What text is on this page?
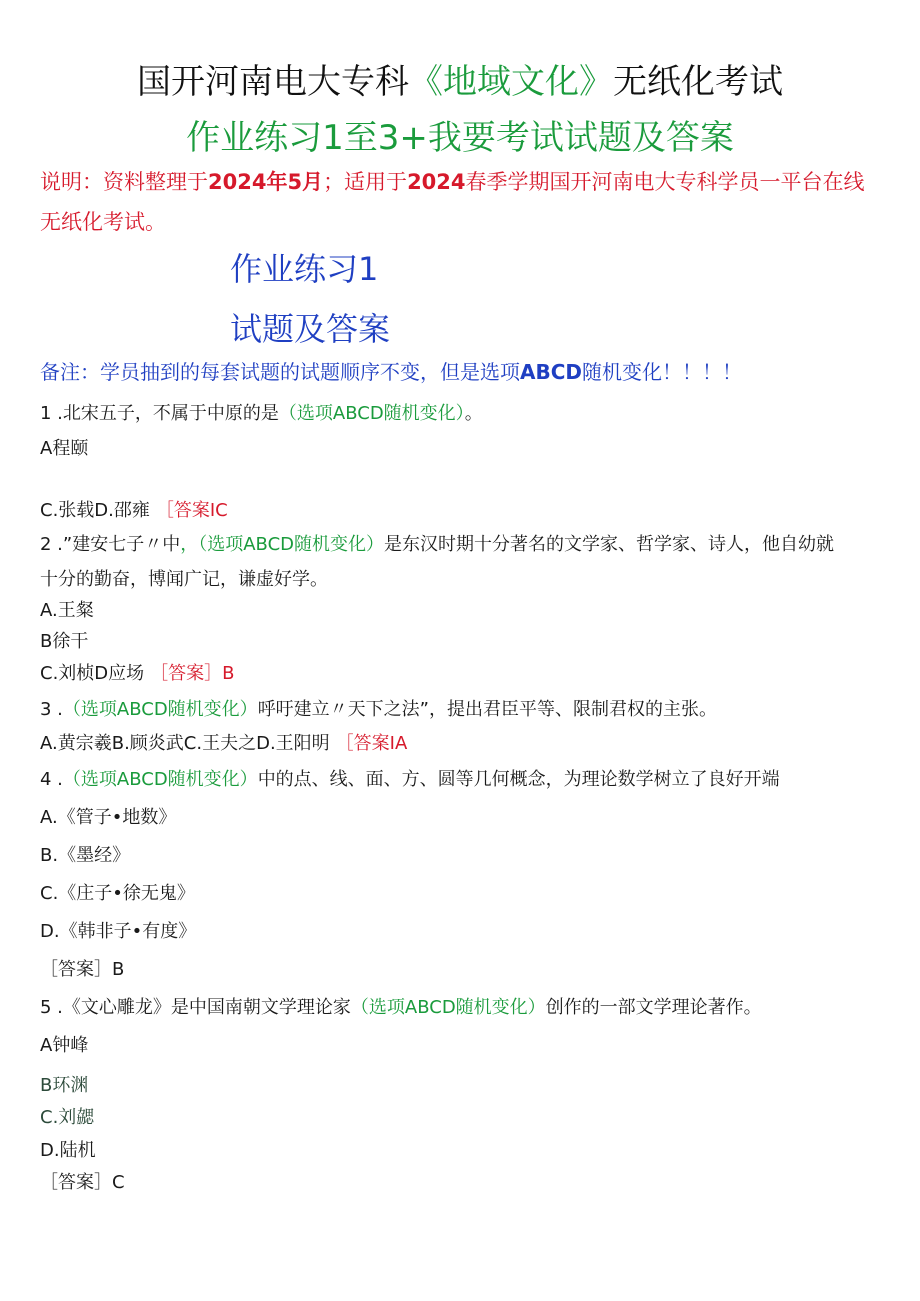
国开河南电大专科《地域文化》无纸化考试
作业练习1至3+我要考试试题及答案
说明：资料整理于2024年5月；适用于2024春季学期国开河南电大专科学员一平台在线
无纸化考试。
作业练习1
试题及答案
备注：学员抽到的每套试题的试题顺序不变，但是选项ABCD随机变化！！！！
1 .北宋五子，不属于中原的是（选项ABCD随机变化）。
A程颐
C.张载D.邵雍 ［答案IC
2 .”建安七子〃中，（选项ABCD随机变化）是东汉时期十分著名的文学家、哲学家、诗人，他自幼就
十分的勤奋，博闻广记，谦虚好学。
A.王粲
B徐干
C.刘桢D应场 ［答案］B
3 .（选项ABCD随机变化）呼吁建立〃天下之法”，提出君臣平等、限制君权的主张。
A.黄宗羲B.顾炎武C.王夫之D.王阳明 ［答案IA
4 .（选项ABCD随机变化）中的点、线、面、方、圆等几何概念，为理论数学树立了良好开端
A.《管子•地数》
B.《墨经》
C.《庄子•徐无鬼》
D.《韩非子•有度》
［答案］B
5 .《文心雕龙》是中国南朝文学理论家（选项ABCD随机变化）创作的一部文学理论著作。
A钟峰
B环渊
C.刘勰
D.陆机
［答案］C
